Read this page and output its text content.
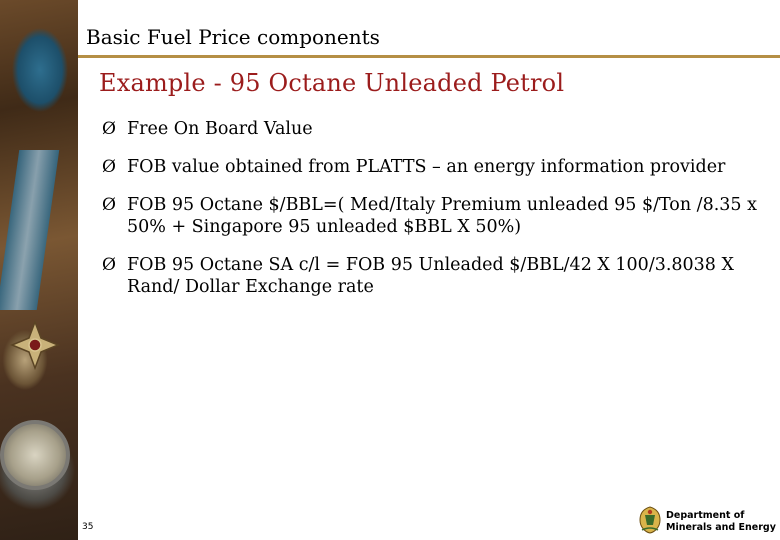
Basic Fuel Price components
Example - 95 Octane Unleaded Petrol
Ø Free On Board Value
Ø FOB value obtained from PLATTS – an energy information provider
Ø FOB 95 Octane $/BBL=( Med/Italy Premium unleaded 95 $/Ton /8.35 x 50% + Singapore 95 unleaded $BBL X 50%)
Ø FOB 95 Octane SA c/l = FOB 95 Unleaded $/BBL/42 X 100/3.8038 X Rand/ Dollar Exchange rate
35
Department of
Minerals and Energy
